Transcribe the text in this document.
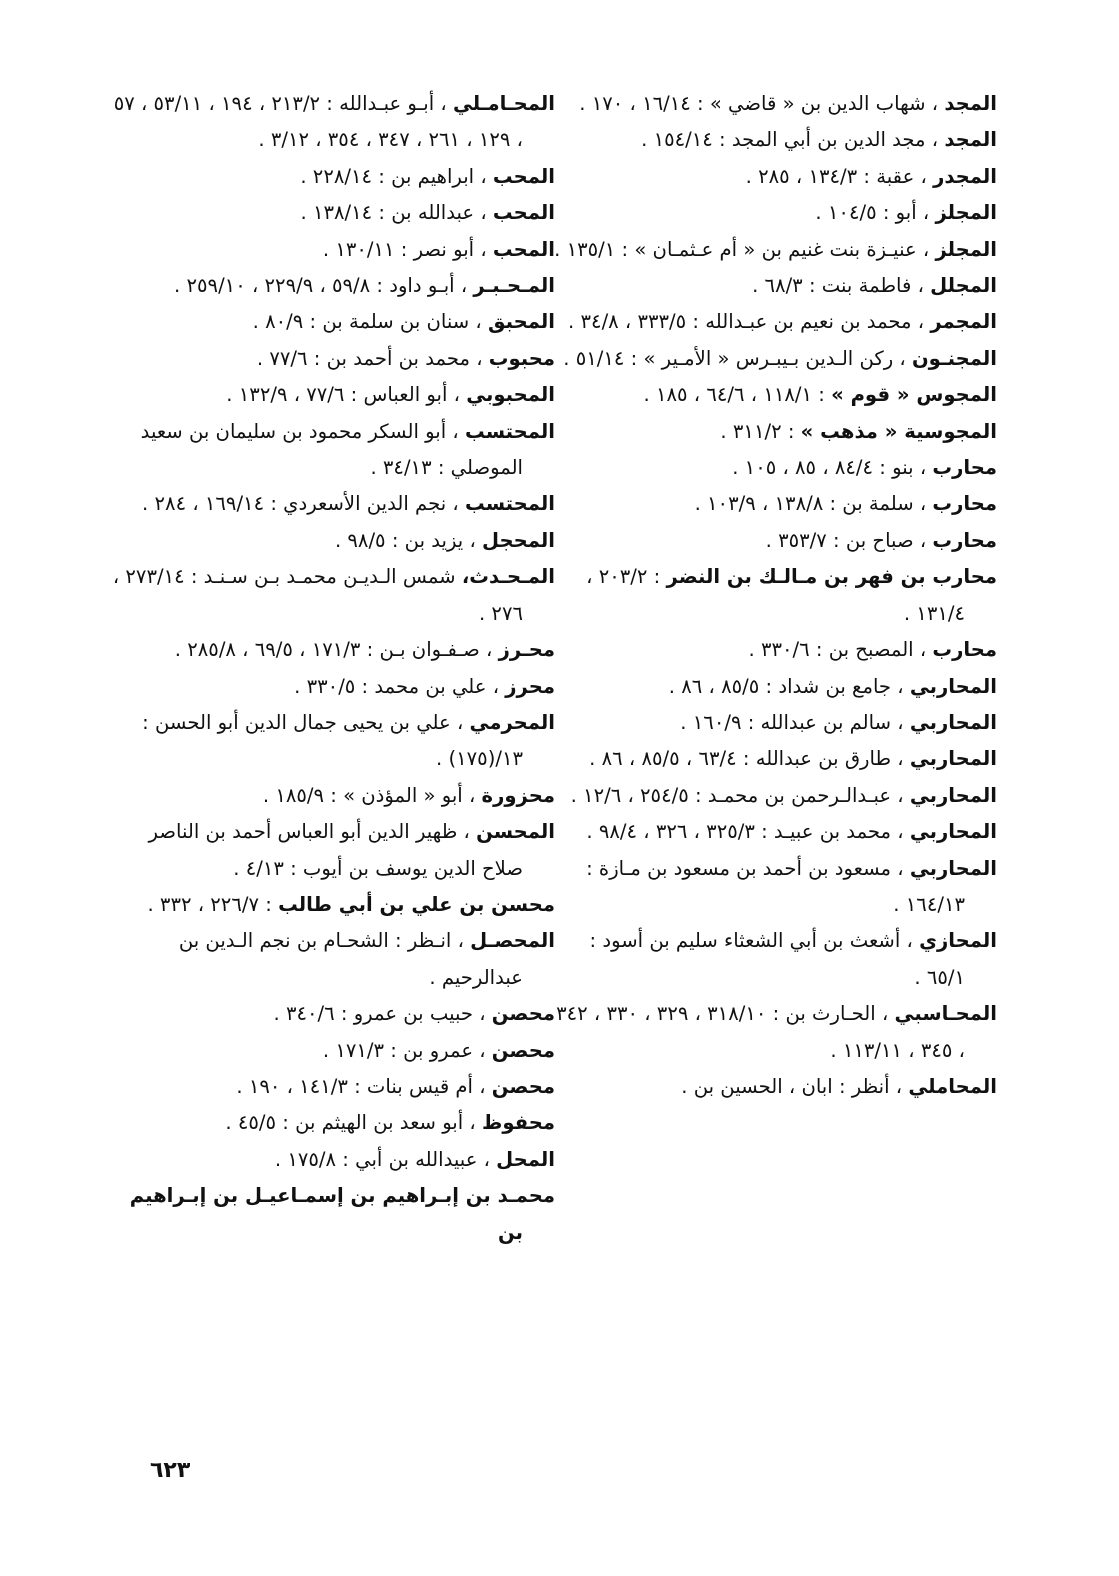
المجد ، شهاب الدين بن « قاضي » : ١٦/١٤ ، ١٧٠ .
المجد ، مجد الدين بن أبي المجد : ١٥٤/١٤ .
المجدر ، عقبة : ١٣٤/٣ ، ٢٨٥ .
المجلز ، أبو : ١٠٤/٥ .
المجلز ، عنيـزة بنت غنيم بن « أم عـثمـان » : ١٣٥/١ .
المجلل ، فاطمة بنت : ٦٨/٣ .
المجمر ، محمد بن نعيم بن عبـدالله : ٣٣٣/٥ ، ٣٤/٨ .
المجنـون ، ركن الـدين بـيبـرس « الأمـير » : ٥١/١٤ .
المجوس « قوم » : ١١٨/١ ، ٦٤/٦ ، ١٨٥ .
المجوسية « مذهب » : ٣١١/٢ .
محارب ، بنو : ٨٤/٤ ، ٨٥ ، ١٠٥ .
محارب ، سلمة بن : ١٣٨/٨ ، ١٠٣/٩ .
محارب ، صباح بن : ٣٥٣/٧ .
محارب بن فهر بن مـالـك بن النضر : ٢٠٣/٢ ، ١٣١/٤ .
محارب ، المصبح بن : ٣٣٠/٦ .
المحاربي ، جامع بن شداد : ٨٥/٥ ، ٨٦ .
المحاربي ، سالم بن عبدالله : ١٦٠/٩ .
المحاربي ، طارق بن عبدالله : ٦٣/٤ ، ٨٥/٥ ، ٨٦ .
المحاربي ، عبـدالـرحمن بن محمـد : ٢٥٤/٥ ، ١٢/٦ .
المحاربي ، محمد بن عبيـد : ٣٢٥/٣ ، ٣٢٦ ، ٩٨/٤ .
المحاربي ، مسعود بن أحمد بن مسعود بن مـازة : ١٦٤/١٣ .
المحازي ، أشعث بن أبي الشعثاء سليم بن أسود : ٦٥/١ .
المحـاسبي ، الحـارث بن : ٣١٨/١٠ ، ٣٢٩ ، ٣٣٠ ، ٣٤٢ ، ٣٤٥ ، ١١٣/١١ .
المحاملي ، أنظر : ابان ، الحسين بن .
المحـامـلي ، أبـو عبـدالله : ٢١٣/٢ ، ١٩٤ ، ٥٣/١١ ، ٥٧ ، ١٢٩ ، ٢٦١ ، ٣٤٧ ، ٣٥٤ ، ٣/١٢ .
المحب ، ابراهيم بن : ٢٢٨/١٤ .
المحب ، عبدالله بن : ١٣٨/١٤ .
المحب ، أبو نصر : ١٣٠/١١ .
المـحـبـر ، أبـو داود : ٥٩/٨ ، ٢٢٩/٩ ، ٢٥٩/١٠ .
المحبق ، سنان بن سلمة بن : ٨٠/٩ .
محبوب ، محمد بن أحمد بن : ٧٧/٦ .
المحبوبي ، أبو العباس : ٧٧/٦ ، ١٣٢/٩ .
المحتسب ، أبو السكر محمود بن سليمان بن سعيد الموصلي : ٣٤/١٣ .
المحتسب ، نجم الدين الأسعردي : ١٦٩/١٤ ، ٢٨٤ .
المحجل ، يزيد بن : ٩٨/٥ .
المـحـدث، شمس الـديـن محمـد بـن سـنـد : ٢٧٣/١٤ ، ٢٧٦ .
محـرز ، صـفـوان بـن : ١٧١/٣ ، ٦٩/٥ ، ٢٨٥/٨ .
محرز ، علي بن محمد : ٣٣٠/٥ .
المحرمي ، علي بن يحيى جمال الدين أبو الحسن : ١٣/(١٧٥) .
محزورة ، أبو « المؤذن » : ١٨٥/٩ .
المحسن ، ظهير الدين أبو العباس أحمد بن الناصر صلاح الدين يوسف بن أيوب : ٤/١٣ .
محسن بن علي بن أبي طالب : ٢٢٦/٧ ، ٣٣٢ .
المحصـل ، انـظر : الشحـام بن نجم الـدين بن عبدالرحيم .
محصن ، حبيب بن عمرو : ٣٤٠/٦ .
محصن ، عمرو بن : ١٧١/٣ .
محصن ، أم قيس بنات : ١٤١/٣ ، ١٩٠ .
محفوظ ، أبو سعد بن الهيثم بن : ٤٥/٥ .
المحل ، عبيدالله بن أبي : ١٧٥/٨ .
محمـد بن إبـراهيم بن إسمـاعيـل بن إبـراهيم بن
٦٢٣
